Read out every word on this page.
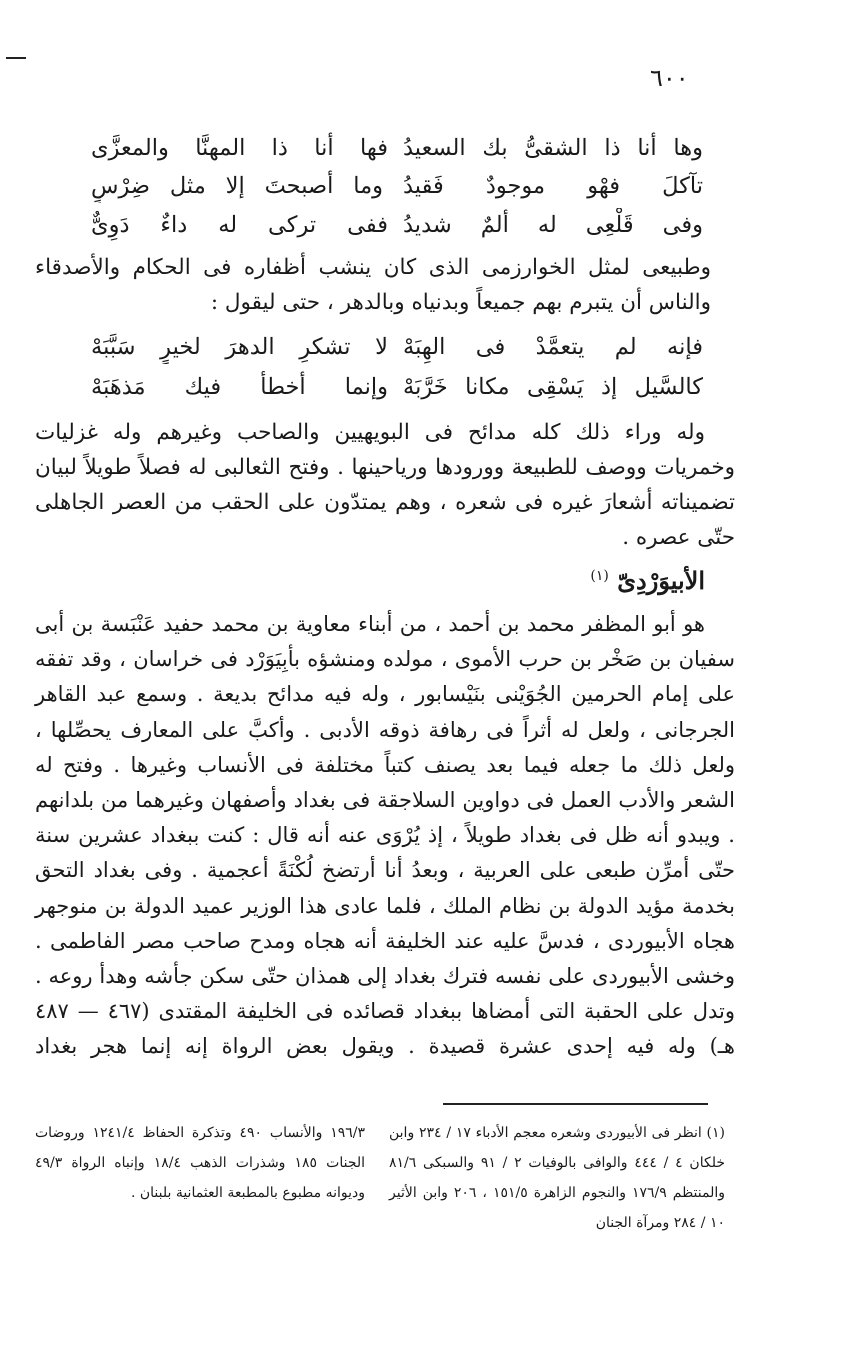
٦٠٠
فها أنا ذا المهنَّا والمعزَّى وها أنا ذا الشقىُّ بك السعيدُ
وما أصبحتَ إلا مثل ضِرْسٍ تآكلَ فهْو موجودٌ فَقيدُ
ففى تركى له داءٌ دَوِىٌّ وفى قَلْعِى له ألمٌ شديدُ

وطبيعى لمثل الخوارزمى الذى كان ينشب أظفاره فى الحكام والأصدقاء والناس أن يتبرم بهم جميعاً وبدنياه وبالدهر ، حتى ليقول :

لا تشكرِ الدهرَ لخيرٍ سَبَّبَهْ فإنه لم يتعمَّدْ فى الهِبَهْ
وإنما أخطأ فيك مَذهَبَهْ كالسَّيل إذ يَسْقِى مكانا خَرَّبَهْ

وله وراء ذلك كله مدائح فى البويهيين والصاحب وغيرهم وله غزليات وخمريات ووصف للطبيعة وورودها ورياحينها . وفتح الثعالبى له فصلاً طويلاً لبيان تضميناته أشعارَ غيره فى شعره ، وهم يمتدّون على الحقب من العصر الجاهلى حتّى عصره .

الأبيوَرْدِىّ $^{(١)}$

هو أبو المظفر محمد بن أحمد ، من أبناء معاوية بن محمد حفيد عَنْبَسة بن أبى سفيان بن صَخْر بن حرب الأموى ، مولده ومنشؤه بأبِيَوَرْد فى خراسان ، وقد تفقه على إمام الحرمين الجُوَيْنى بنَيْسابور ، وله فيه مدائح بديعة . وسمع عبد القاهر الجرجانى ، ولعل له أثراً فى رهافة ذوقه الأدبى . وأكبَّ على المعارف يحصِّلها ، ولعل ذلك ما جعله فيما بعد يصنف كتباً مختلفة فى الأنساب وغيرها . وفتح له الشعر والأدب العمل فى دواوين السلاجقة فى بغداد وأصفهان وغيرهما من بلدانهم . ويبدو أنه ظل فى بغداد طويلاً ، إذ يُرْوَى عنه أنه قال : كنت ببغداد عشرين سنة حتّى أمرِّن طبعى على العربية ، وبعدُ أنا أرتضخ لُكْنَةً أعجمية . وفى بغداد التحق بخدمة مؤيد الدولة بن نظام الملك ، فلما عادى هذا الوزير عميد الدولة بن منوجهر هجاه الأبيوردى ، فدسَّ عليه عند الخليفة أنه هجاه ومدح صاحب مصر الفاطمى . وخشى الأبيوردى على نفسه فترك بغداد إلى همذان حتّى سكن جأشه وهدأ روعه . وتدل على الحقبة التى أمضاها ببغداد قصائده فى الخليفة المقتدى (٤٦٧ — ٤٨٧ هـ) وله فيه إحدى عشرة قصيدة . ويقول بعض الرواة إنه إنما هجر بغداد

(١) انظر فى الأبيوردى وشعره معجم الأدباء ١٧ / ٢٣٤ وابن خلكان ٤ / ٤٤٤ والوافى بالوفيات ٢ / ٩١ والسبكى ٨١/٦ والمنتظم ١٧٦/٩ والنجوم الزاهرة ١٥١/٥ ، ٢٠٦ وابن الأثير ١٠ / ٢٨٤ ومرآة الجنان
١٩٦/٣ والأنساب ٤٩٠ وتذكرة الحفاظ ١٢٤١/٤ وروضات الجنات ١٨٥ وشذرات الذهب ١٨/٤ وإنباه الرواة ٤٩/٣ وديوانه مطبوع بالمطبعة العثمانية بلبنان .
